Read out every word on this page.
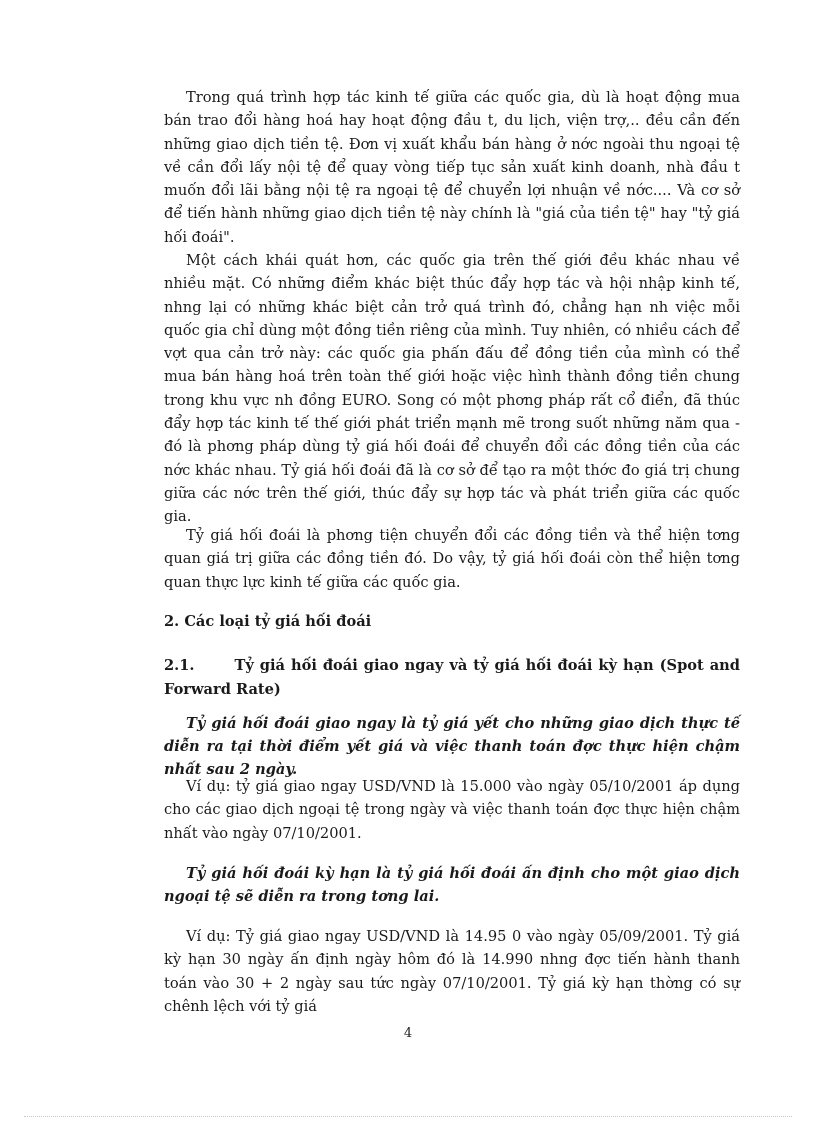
Trong quá trình hợp tác kinh tế giữa các quốc gia, dù là hoạt động mua bán trao đổi hàng hoá hay hoạt động đầu t, du lịch, viện trợ,.. đều cần đến những giao dịch tiền tệ. Đơn vị xuất khẩu bán hàng ở nớc ngoài thu ngoại tệ về cần đổi lấy nội tệ để quay vòng tiếp tục sản xuất kinh doanh, nhà đầu t muốn đổi lãi bằng nội tệ ra ngoại tệ để chuyển lợi nhuận về nớc.... Và cơ sở để tiến hành những giao dịch tiền tệ này chính là "giá của tiền tệ" hay "tỷ giá hối đoái".

Một cách khái quát hơn, các quốc gia trên thế giới đều khác nhau về nhiều mặt. Có những điểm khác biệt thúc đẩy hợp tác và hội nhập kinh tế, nhng lại có những khác biệt cản trở quá trình đó, chẳng hạn nh việc mỗi quốc gia chỉ dùng một đồng tiền riêng của mình. Tuy nhiên, có nhiều cách để vợt qua cản trở này: các quốc gia phấn đấu để đồng tiền của mình có thể mua bán hàng hoá trên toàn thế giới hoặc việc hình thành đồng tiền chung trong khu vực nh đồng EURO. Song có một phơng pháp rất cổ điển, đã thúc đẩy hợp tác kinh tế thế giới phát triển mạnh mẽ trong suốt những năm qua - đó là phơng pháp dùng tỷ giá hối đoái để chuyển đổi các đồng tiền của các nớc khác nhau. Tỷ giá hối đoái đã là cơ sở để tạo ra một thớc đo giá trị chung giữa các nớc trên thế giới, thúc đẩy sự hợp tác và phát triển giữa các quốc gia.

Tỷ giá hối đoái là phơng tiện chuyển đổi các đồng tiền và thể hiện tơng quan giá trị giữa các đồng tiền đó. Do vậy, tỷ giá hối đoái còn thể hiện tơng quan thực lực kinh tế giữa các quốc gia.

2. Các loại tỷ giá hối đoái

2.1.	Tỷ giá hối đoái giao ngay và tỷ giá hối đoái kỳ hạn (Spot and Forward Rate)

Tỷ giá hối đoái giao ngay là tỷ giá yết cho những giao dịch thực tế diễn ra tại thời điểm yết giá và việc thanh toán đợc thực hiện chậm nhất sau 2 ngày.

Ví dụ: tỷ giá giao ngay USD/VND là 15.000 vào ngày 05/10/2001 áp dụng cho các giao dịch ngoại tệ trong ngày và việc thanh toán đợc thực hiện chậm nhất vào ngày 07/10/2001.

Tỷ giá hối đoái kỳ hạn là tỷ giá hối đoái ấn định cho một giao dịch ngoại tệ sẽ diễn ra trong tơng lai.

Ví dụ: Tỷ giá giao ngay USD/VND là 14.95 0 vào ngày 05/09/2001. Tỷ giá kỳ hạn 30 ngày ấn định ngày hôm đó là 14.990 nhng đợc tiến hành thanh toán vào 30 + 2 ngày sau tức ngày 07/10/2001. Tỷ giá kỳ hạn thờng có sự chênh lệch với tỷ giá

4
